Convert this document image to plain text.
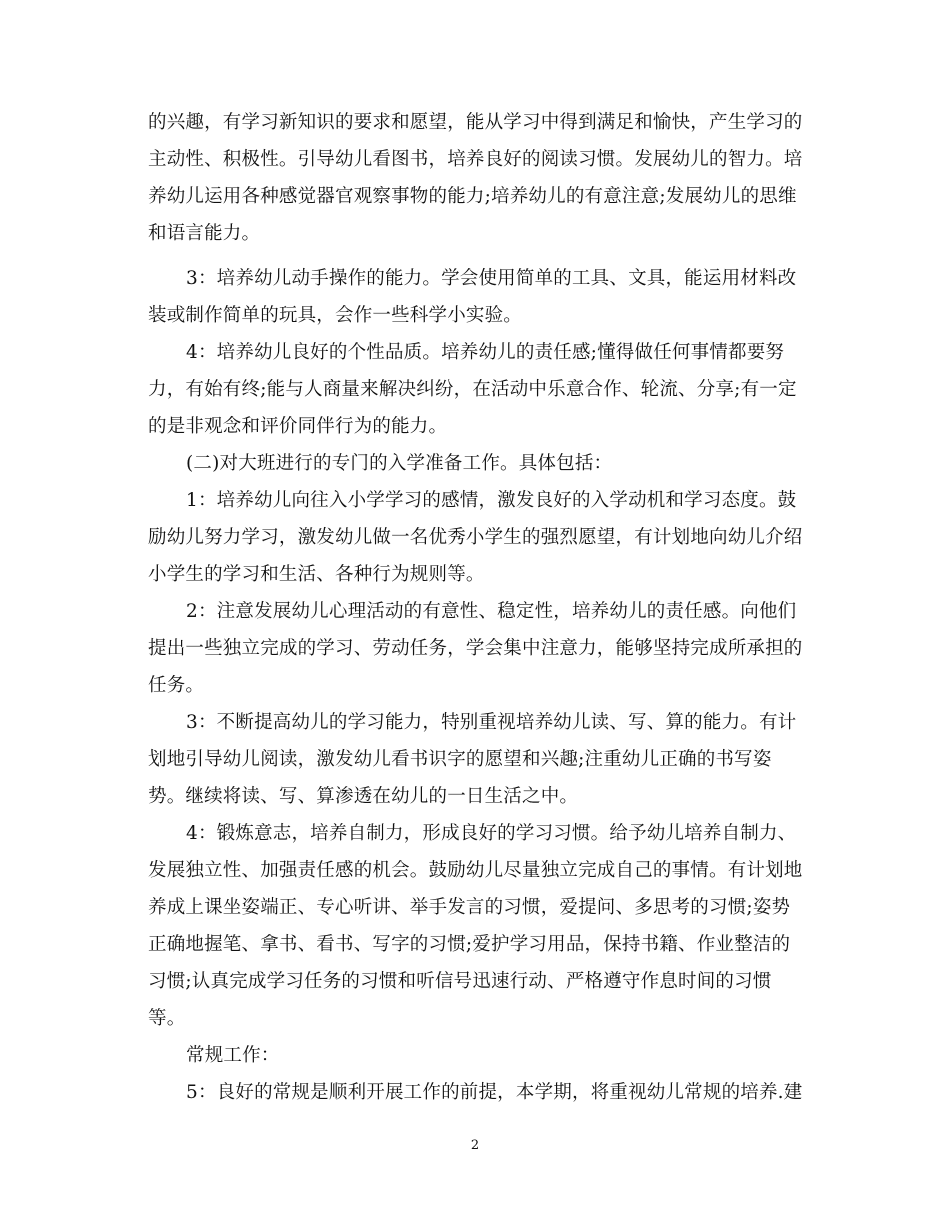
的兴趣，有学习新知识的要求和愿望，能从学习中得到满足和愉快，产生学习的
主动性、积极性。引导幼儿看图书，培养良好的阅读习惯。发展幼儿的智力。培
养幼儿运用各种感觉器官观察事物的能力;培养幼儿的有意注意;发展幼儿的思维
和语言能力。
3：培养幼儿动手操作的能力。学会使用简单的工具、文具，能运用材料改
装或制作简单的玩具，会作一些科学小实验。
4：培养幼儿良好的个性品质。培养幼儿的责任感;懂得做任何事情都要努
力，有始有终;能与人商量来解决纠纷，在活动中乐意合作、轮流、分享;有一定
的是非观念和评价同伴行为的能力。
(二)对大班进行的专门的入学准备工作。具体包括：
1：培养幼儿向往入小学学习的感情，激发良好的入学动机和学习态度。鼓
励幼儿努力学习，激发幼儿做一名优秀小学生的强烈愿望，有计划地向幼儿介绍
小学生的学习和生活、各种行为规则等。
2：注意发展幼儿心理活动的有意性、稳定性，培养幼儿的责任感。向他们
提出一些独立完成的学习、劳动任务，学会集中注意力，能够坚持完成所承担的
任务。
3：不断提高幼儿的学习能力，特别重视培养幼儿读、写、算的能力。有计
划地引导幼儿阅读，激发幼儿看书识字的愿望和兴趣;注重幼儿正确的书写姿
势。继续将读、写、算渗透在幼儿的一日生活之中。
4：锻炼意志，培养自制力，形成良好的学习习惯。给予幼儿培养自制力、
发展独立性、加强责任感的机会。鼓励幼儿尽量独立完成自己的事情。有计划地
养成上课坐姿端正、专心听讲、举手发言的习惯，爱提问、多思考的习惯;姿势
正确地握笔、拿书、看书、写字的习惯;爱护学习用品，保持书籍、作业整洁的
习惯;认真完成学习任务的习惯和听信号迅速行动、严格遵守作息时间的习惯
等。
常规工作：
5：良好的常规是顺利开展工作的前提，本学期，将重视幼儿常规的培养.建
2
